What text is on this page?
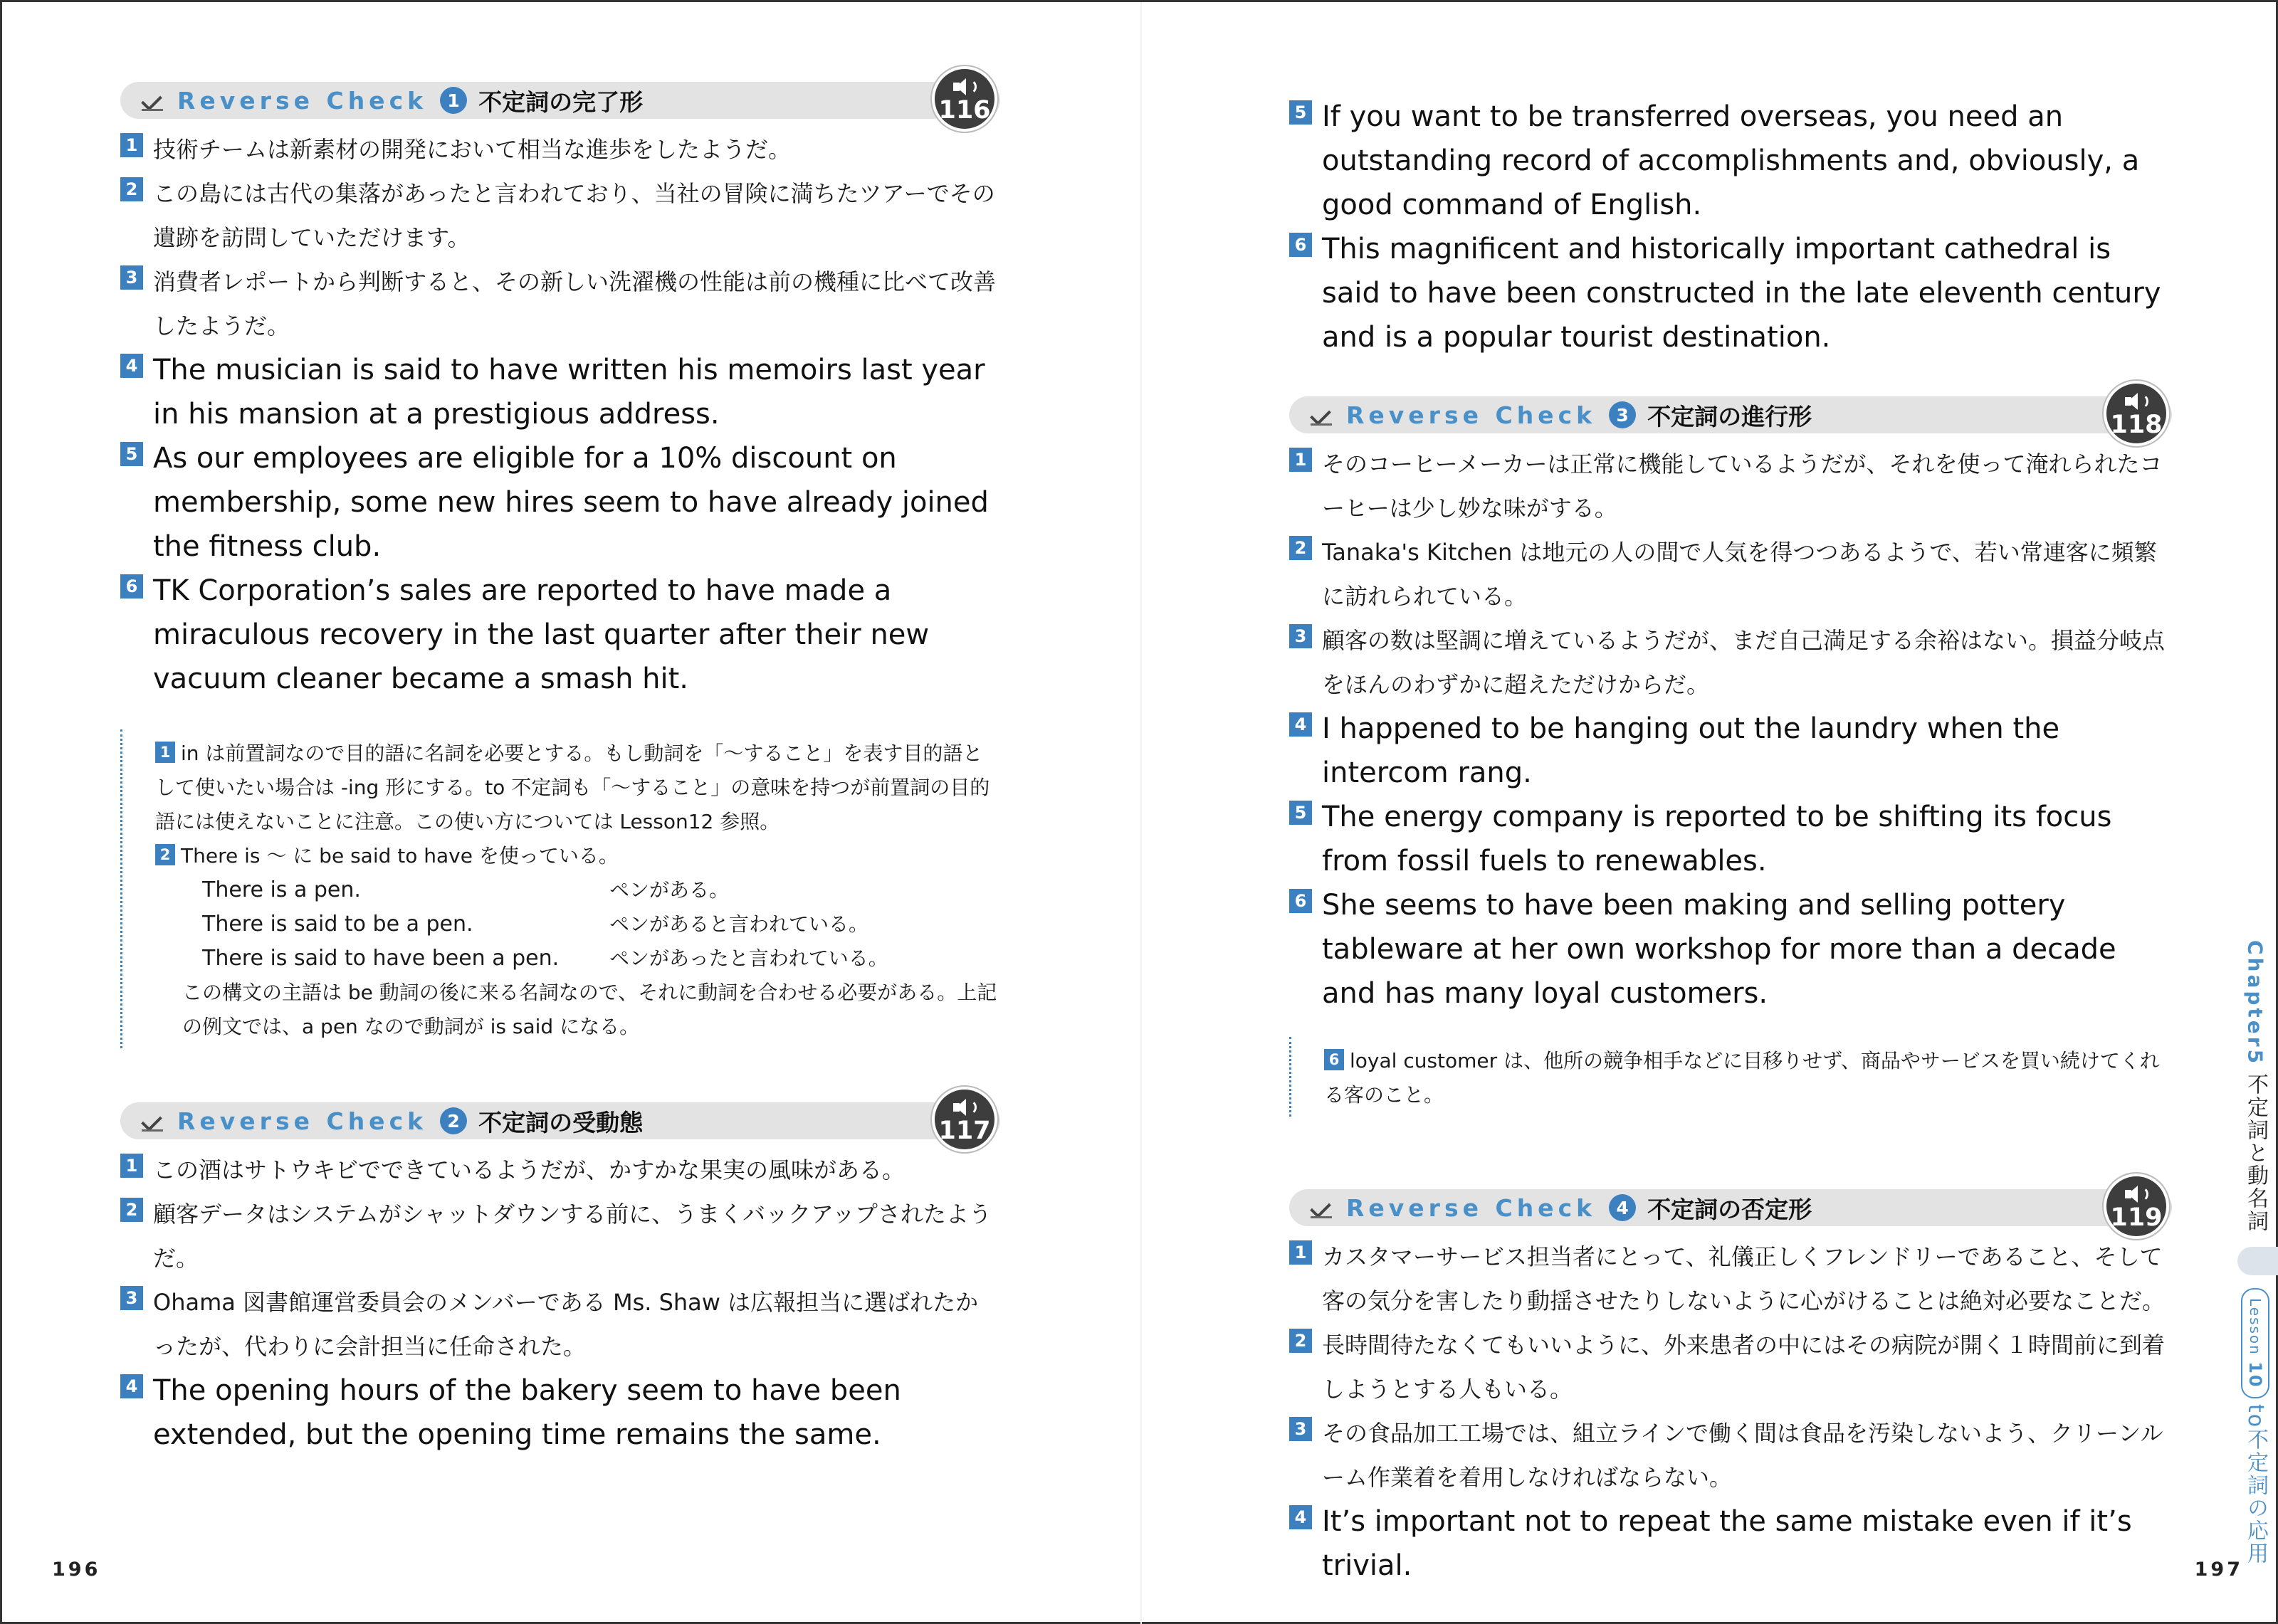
Reverse Check	1 不定詞の完了形	116
1 技術チームは新素材の開発において相当な進歩をしたようだ。
2 この島には古代の集落があったと言われており、当社の冒険に満ちたツアーでその遺跡を訪問していただけます。
3 消費者レポートから判断すると、その新しい洗濯機の性能は前の機種に比べて改善したようだ。
4 The musician is said to have written his memoirs last year in his mansion at a prestigious address.
5 As our employees are eligible for a 10% discount on membership, some new hires seem to have already joined the fitness club.
6 TK Corporation’s sales are reported to have made a miraculous recovery in the last quarter after their new vacuum cleaner became a smash hit.
1 in は前置詞なので目的語に名詞を必要とする。もし動詞を「～すること」を表す目的語として使いたい場合は -ing 形にする。to 不定詞も「～すること」の意味を持つが前置詞の目的語には使えないことに注意。この使い方については Lesson12 参照。
2 There is ～ に be said to have を使っている。
There is a pen.	ペンがある。
There is said to be a pen.	ペンがあると言われている。
There is said to have been a pen.	ペンがあったと言われている。
この構文の主語は be 動詞の後に来る名詞なので、それに動詞を合わせる必要がある。上記の例文では、a pen なので動詞が is said になる。
Reverse Check	2 不定詞の受動態	117
1 この酒はサトウキビでできているようだが、かすかな果実の風味がある。
2 顧客データはシステムがシャットダウンする前に、うまくバックアップされたようだ。
3 Ohama 図書館運営委員会のメンバーである Ms. Shaw は広報担当に選ばれたかったが、代わりに会計担当に任命された。
4 The opening hours of the bakery seem to have been extended, but the opening time remains the same.
196
5 If you want to be transferred overseas, you need an outstanding record of accomplishments and, obviously, a good command of English.
6 This magnificent and historically important cathedral is said to have been constructed in the late eleventh century and is a popular tourist destination.
Reverse Check	3 不定詞の進行形	118
1 そのコーヒーメーカーは正常に機能しているようだが、それを使って淹れられたコーヒーは少し妙な味がする。
2 Tanaka's Kitchen は地元の人の間で人気を得つつあるようで、若い常連客に頻繁に訪れられている。
3 顧客の数は堅調に増えているようだが、まだ自己満足する余裕はない。損益分岐点をほんのわずかに超えただけからだ。
4 I happened to be hanging out the laundry when the intercom rang.
5 The energy company is reported to be shifting its focus from fossil fuels to renewables.
6 She seems to have been making and selling pottery tableware at her own workshop for more than a decade and has many loyal customers.
6 loyal customer は、他所の競争相手などに目移りせず、商品やサービスを買い続けてくれる客のこと。
Reverse Check	4 不定詞の否定形	119
1 カスタマーサービス担当者にとって、礼儀正しくフレンドリーであること、そして客の気分を害したり動揺させたりしないように心がけることは絶対必要なことだ。
2 長時間待たなくてもいいように、外来患者の中にはその病院が開く１時間前に到着しようとする人もいる。
3 その食品加工工場では、組立ラインで働く間は食品を汚染しないよう、クリーンルーム作業着を着用しなければならない。
4 It’s important not to repeat the same mistake even if it’s trivial.
Chapter5
不定詞と動名詞
Lesson 10
to不定詞の応用
197
